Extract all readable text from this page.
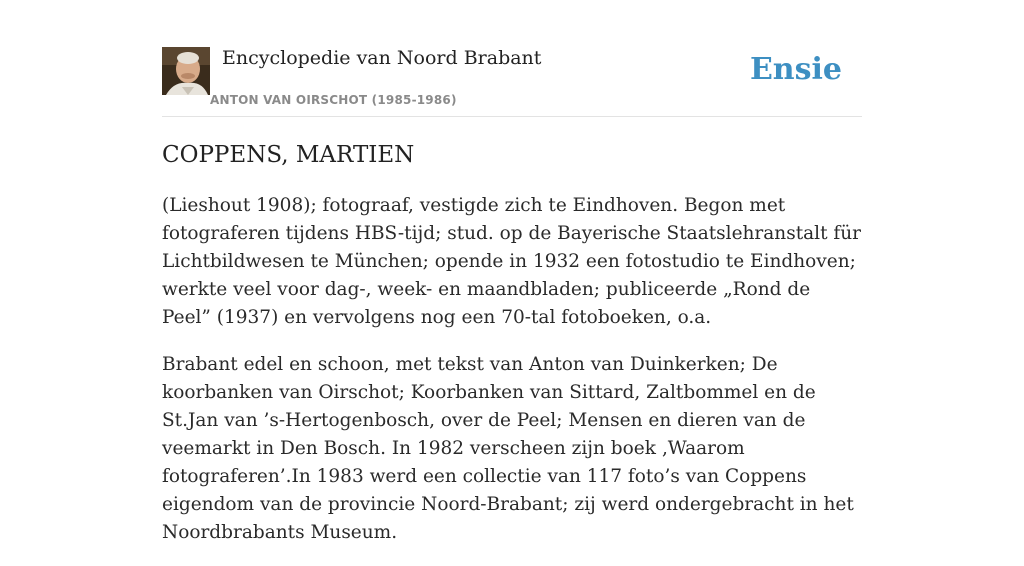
Encyclopedie van Noord Brabant
ANTON VAN OIRSCHOT (1985-1986)
Ensie
COPPENS, MARTIEN

(Lieshout 1908); fotograaf, vestigde zich te Eindhoven. Begon met fotograferen tijdens HBS-tijd; stud. op de Bayerische Staatslehranstalt für Lichtbildwesen te München; opende in 1932 een fotostudio te Eindhoven; werkte veel voor dag-, week- en maandbladen; publiceerde „Rond de Peel” (1937) en vervolgens nog een 70-tal fotoboeken, o.a.

Brabant edel en schoon, met tekst van Anton van Duinkerken; De koorbanken van Oirschot; Koorbanken van Sittard, Zaltbommel en de St.Jan van ’s-Hertogenbosch, over de Peel; Mensen en dieren van de veemarkt in Den Bosch. In 1982 verscheen zijn boek ‚Waarom fotograferen’.In 1983 werd een collectie van 117 foto’s van Coppens eigendom van de provincie Noord-Brabant; zij werd ondergebracht in het Noordbrabants Museum.
